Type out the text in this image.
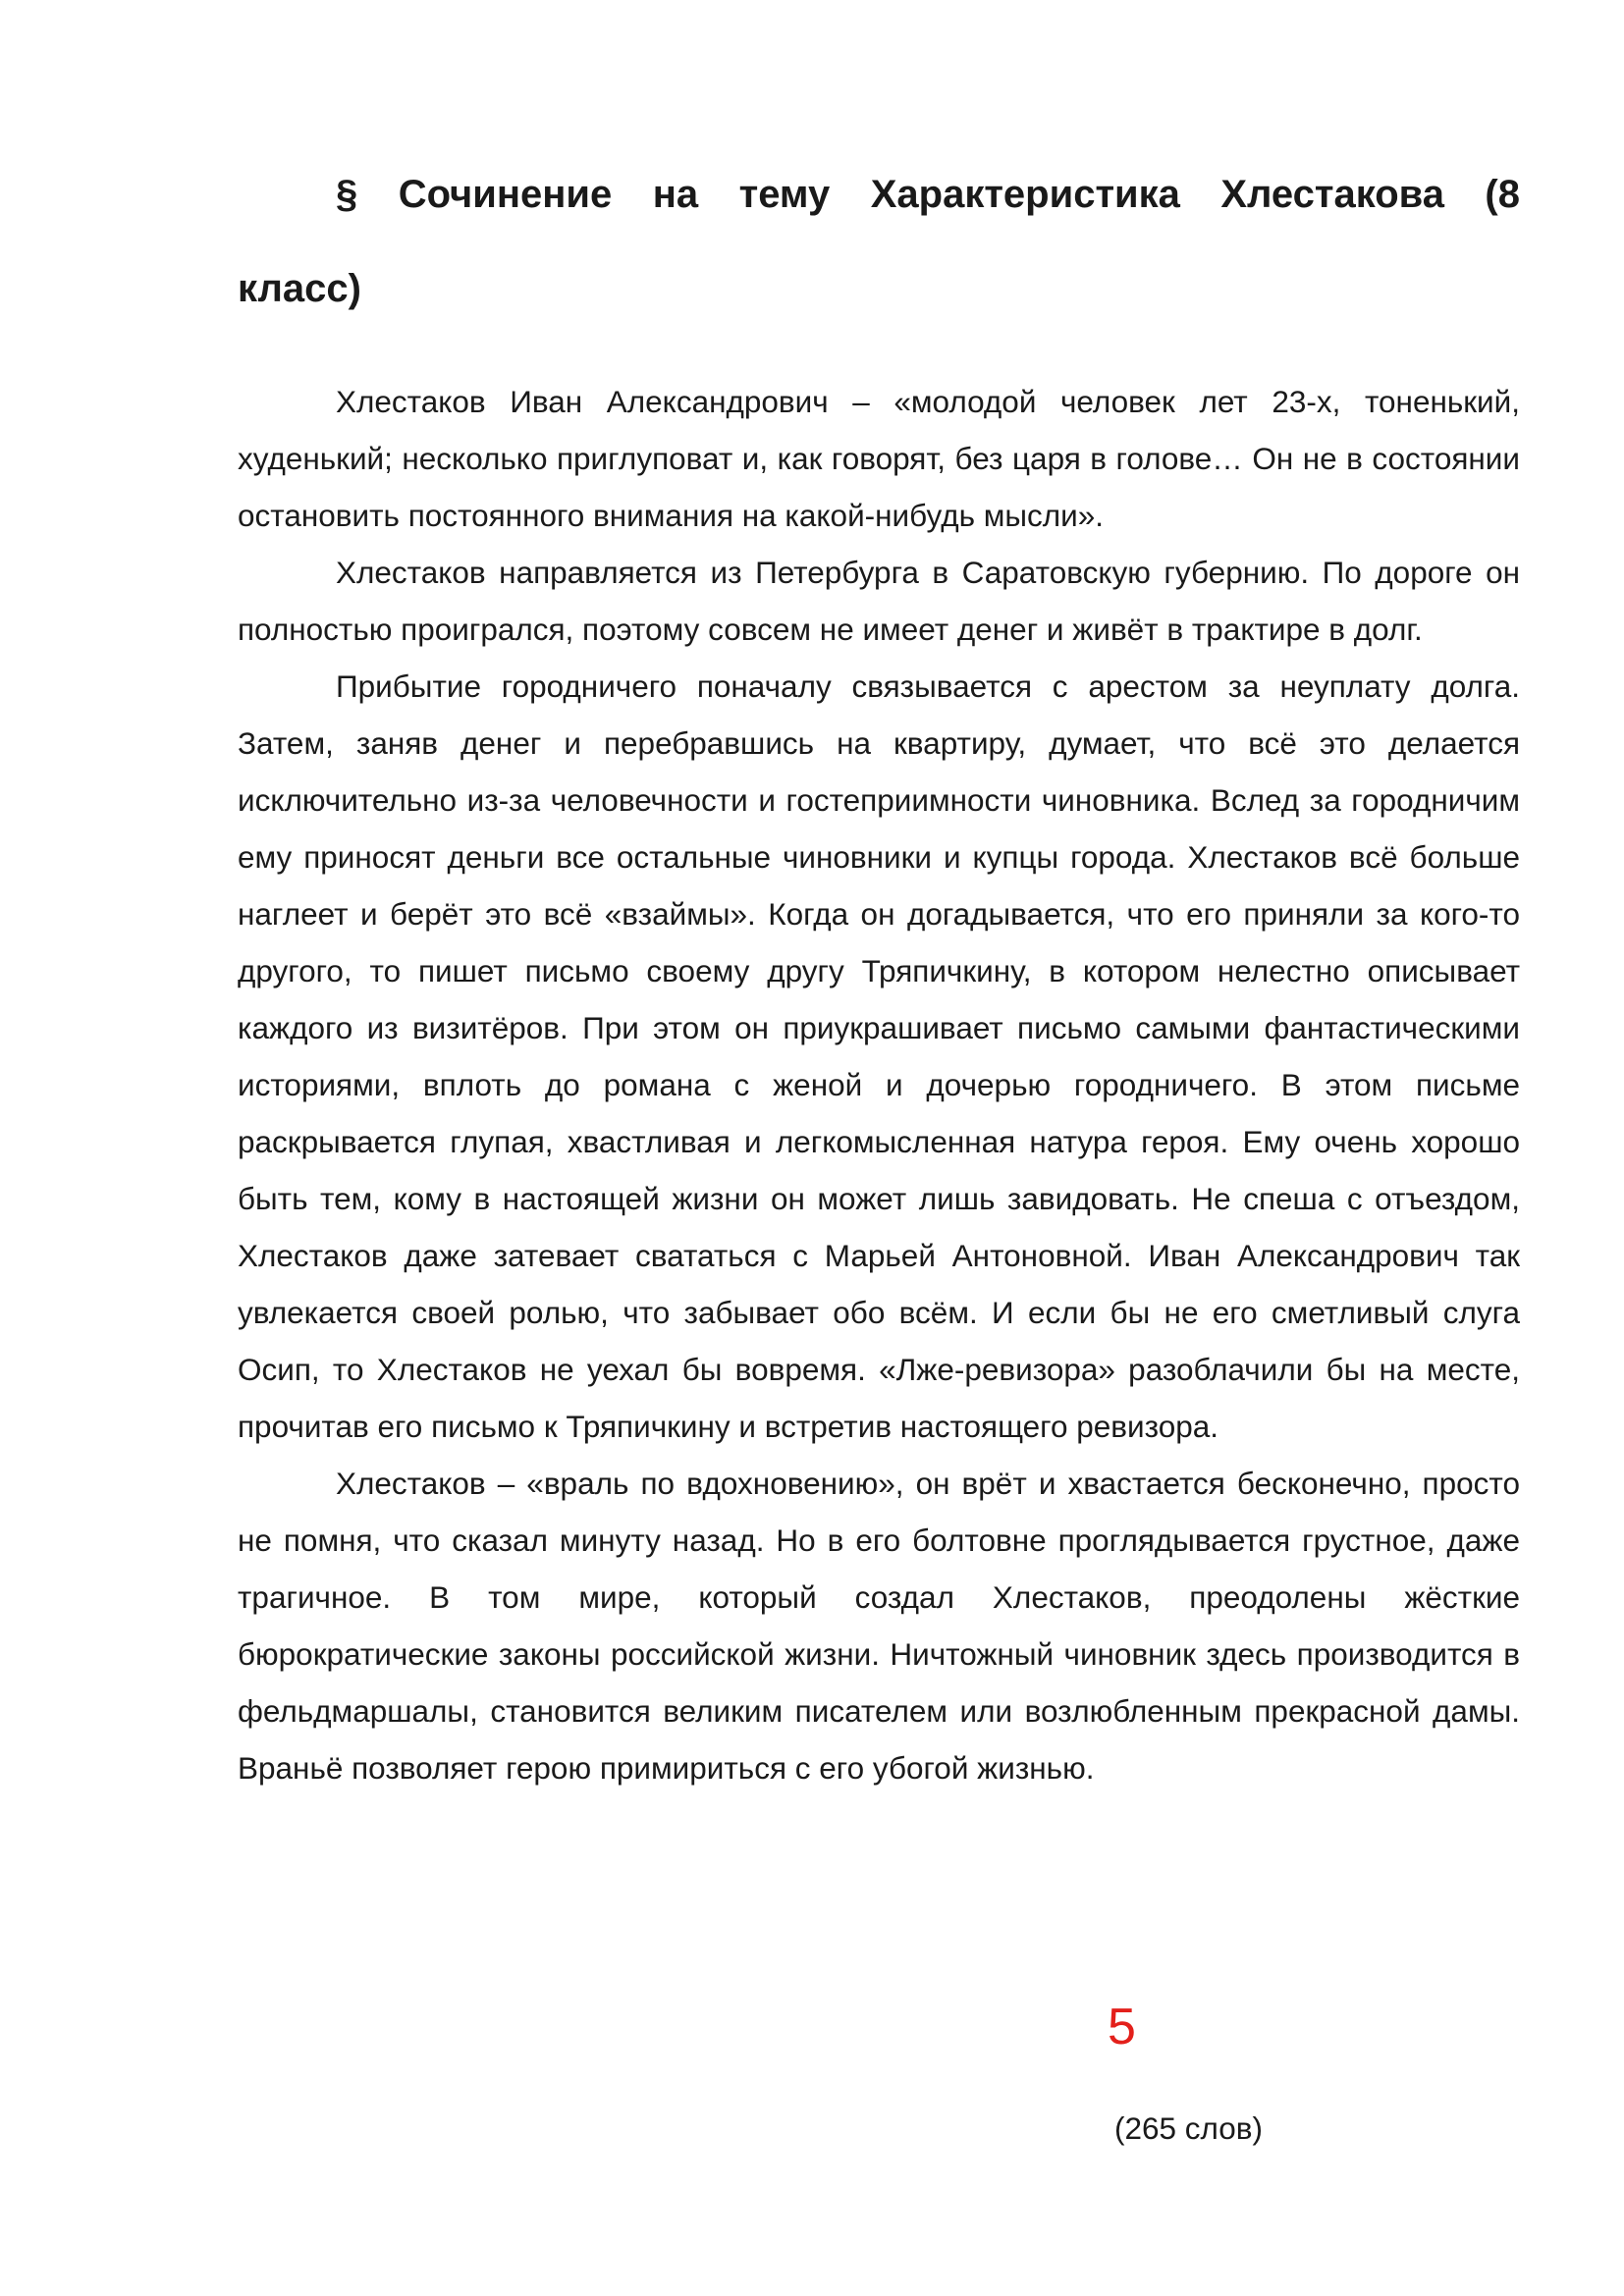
§ Сочинение на тему Характеристика Хлестакова (8 класс)

Хлестаков Иван Александрович – «молодой человек лет 23-х, тоненький, худенький; несколько приглуповат и, как говорят, без царя в голове… Он не в состоянии остановить постоянного внимания на какой-нибудь мысли».

Хлестаков направляется из Петербурга в Саратовскую губернию. По дороге он полностью проигрался, поэтому совсем не имеет денег и живёт в трактире в долг.

Прибытие городничего поначалу связывается с арестом за неуплату долга. Затем, заняв денег и перебравшись на квартиру, думает, что всё это делается исключительно из-за человечности и гостеприимности чиновника. Вслед за городничим ему приносят деньги все остальные чиновники и купцы города. Хлестаков всё больше наглеет и берёт это всё «взаймы». Когда он догадывается, что его приняли за кого-то другого, то пишет письмо своему другу Тряпичкину, в котором нелестно описывает каждого из визитёров. При этом он приукрашивает письмо самыми фантастическими историями, вплоть до романа с женой и дочерью городничего. В этом письме раскрывается глупая, хвастливая и легкомысленная натура героя. Ему очень хорошо быть тем, кому в настоящей жизни он может лишь завидовать. Не спеша с отъездом, Хлестаков даже затевает свататься с Марьей Антоновной. Иван Александрович так увлекается своей ролью, что забывает обо всём. И если бы не его сметливый слуга Осип, то Хлестаков не уехал бы вовремя. «Лже-ревизора» разоблачили бы на месте, прочитав его письмо к Тряпичкину и встретив настоящего ревизора.

Хлестаков – «враль по вдохновению», он врёт и хвастается бесконечно, просто не помня, что сказал минуту назад. Но в его болтовне проглядывается грустное, даже трагичное. В том мире, который создал Хлестаков, преодолены жёсткие бюрократические законы российской жизни. Ничтожный чиновник здесь производится в фельдмаршалы, становится великим писателем или возлюбленным прекрасной дамы. Враньё позволяет герою примириться с его убогой жизнью.

5
(265 слов)
